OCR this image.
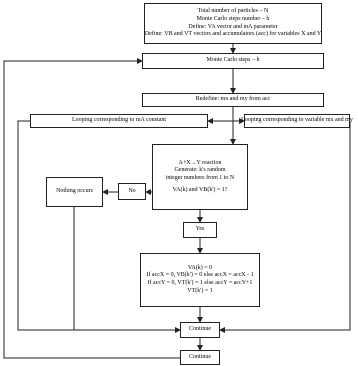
Total number of particles – N
Monte Carlo steps number – h
Define: VA vector and mA parameter
Define: VB and VT vectors and accumulators (acc) for variables X and Y
Monte Carlo steps – h
Redefine: mx and my from acc
Looping corresponding to mA constant	Looping corresponding to variable mx and my
A+X→Y reaction
Generate: k's random
integer numbers from 1 to N
VA(k) and VB(k') = 1?
No
Nothing occurs
Yes
VA(k) = 0
If accX = 0, VB(k') = 0 else accX = accX - 1
If accY = 0, VT(k') = 1 else accY = accY+1
VT(k') = 1
Continue
Continue
